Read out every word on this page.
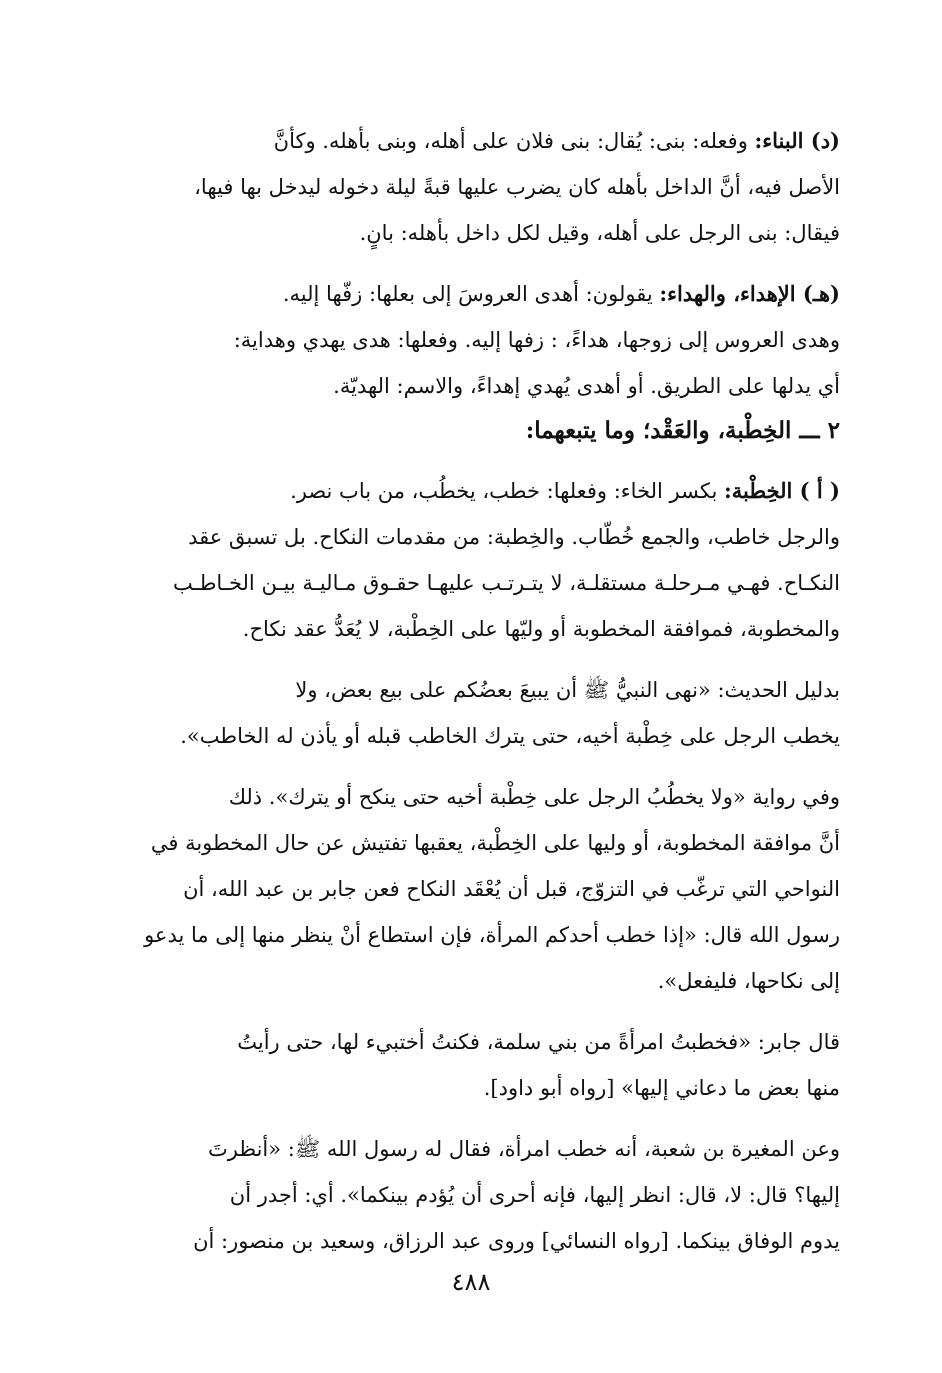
(د) البناء: وفعله: بنى: يُقال: بنى فلان على أهله، وبنى بأهله. وكأنَّ
الأصل فيه، أنَّ الداخل بأهله كان يضرب عليها قبةً ليلة دخوله ليدخل بها فيها،
فيقال: بنى الرجل على أهله، وقيل لكل داخل بأهله: بانٍ.
(هـ) الإهداء، والهداء: يقولون: أهدى العروسَ إلى بعلها: زفّها إليه.
وهدى العروس إلى زوجها، هداءً، : زفها إليه. وفعلها: هدى يهدي وهداية:
أي يدلها على الطريق. أو أهدى يُهدي إهداءً، والاسم: الهديّة.
٢ ـــ الخِطْبة، والعَقْد؛ وما يتبعهما:
( أ ) الخِطْبة: بكسر الخاء: وفعلها: خطب، يخطُب، من باب نصر.
والرجل خاطب، والجمع خُطّاب. والخِطبة: من مقدمات النكاح. بل تسبق عقد
النكـاح. فهـي مـرحلـة مستقلـة، لا يتـرتـب عليهـا حقـوق مـاليـة بيـن الخـاطـب
والمخطوبة، فموافقة المخطوبة أو وليّها على الخِطْبة، لا يُعَدُّ عقد نكاح.
بدليل الحديث: «نهى النبيُّ ﷺ أن يبيعَ بعضُكم على بيع بعض، ولا
يخطب الرجل على خِطْبة أخيه، حتى يترك الخاطب قبله أو يأذن له الخاطب».
وفي رواية «ولا يخطُبُ الرجل على خِطْبة أخيه حتى ينكح أو يترك». ذلك
أنَّ موافقة المخطوبة، أو وليها على الخِطْبة، يعقبها تفتيش عن حال المخطوبة في
النواحي التي ترغّب في التزوّج، قبل أن يُعْقَد النكاح فعن جابر بن عبد الله، أن
رسول الله قال: «إذا خطب أحدكم المرأة، فإن استطاع أنْ ينظر منها إلى ما يدعو
إلى نكاحها، فليفعل».
قال جابر: «فخطبتُ امرأةً من بني سلمة، فكنتُ أختبيء لها، حتى رأيتُ
منها بعض ما دعاني إليها» [رواه أبو داود].
وعن المغيرة بن شعبة، أنه خطب امرأة، فقال له رسول الله ﷺ: «أنظرتَ
إليها؟ قال: لا، قال: انظر إليها، فإنه أحرى أن يُؤدم بينكما». أي: أجدر أن
يدوم الوفاق بينكما. [رواه النسائي] وروى عبد الرزاق، وسعيد بن منصور: أن
٤٨٨
